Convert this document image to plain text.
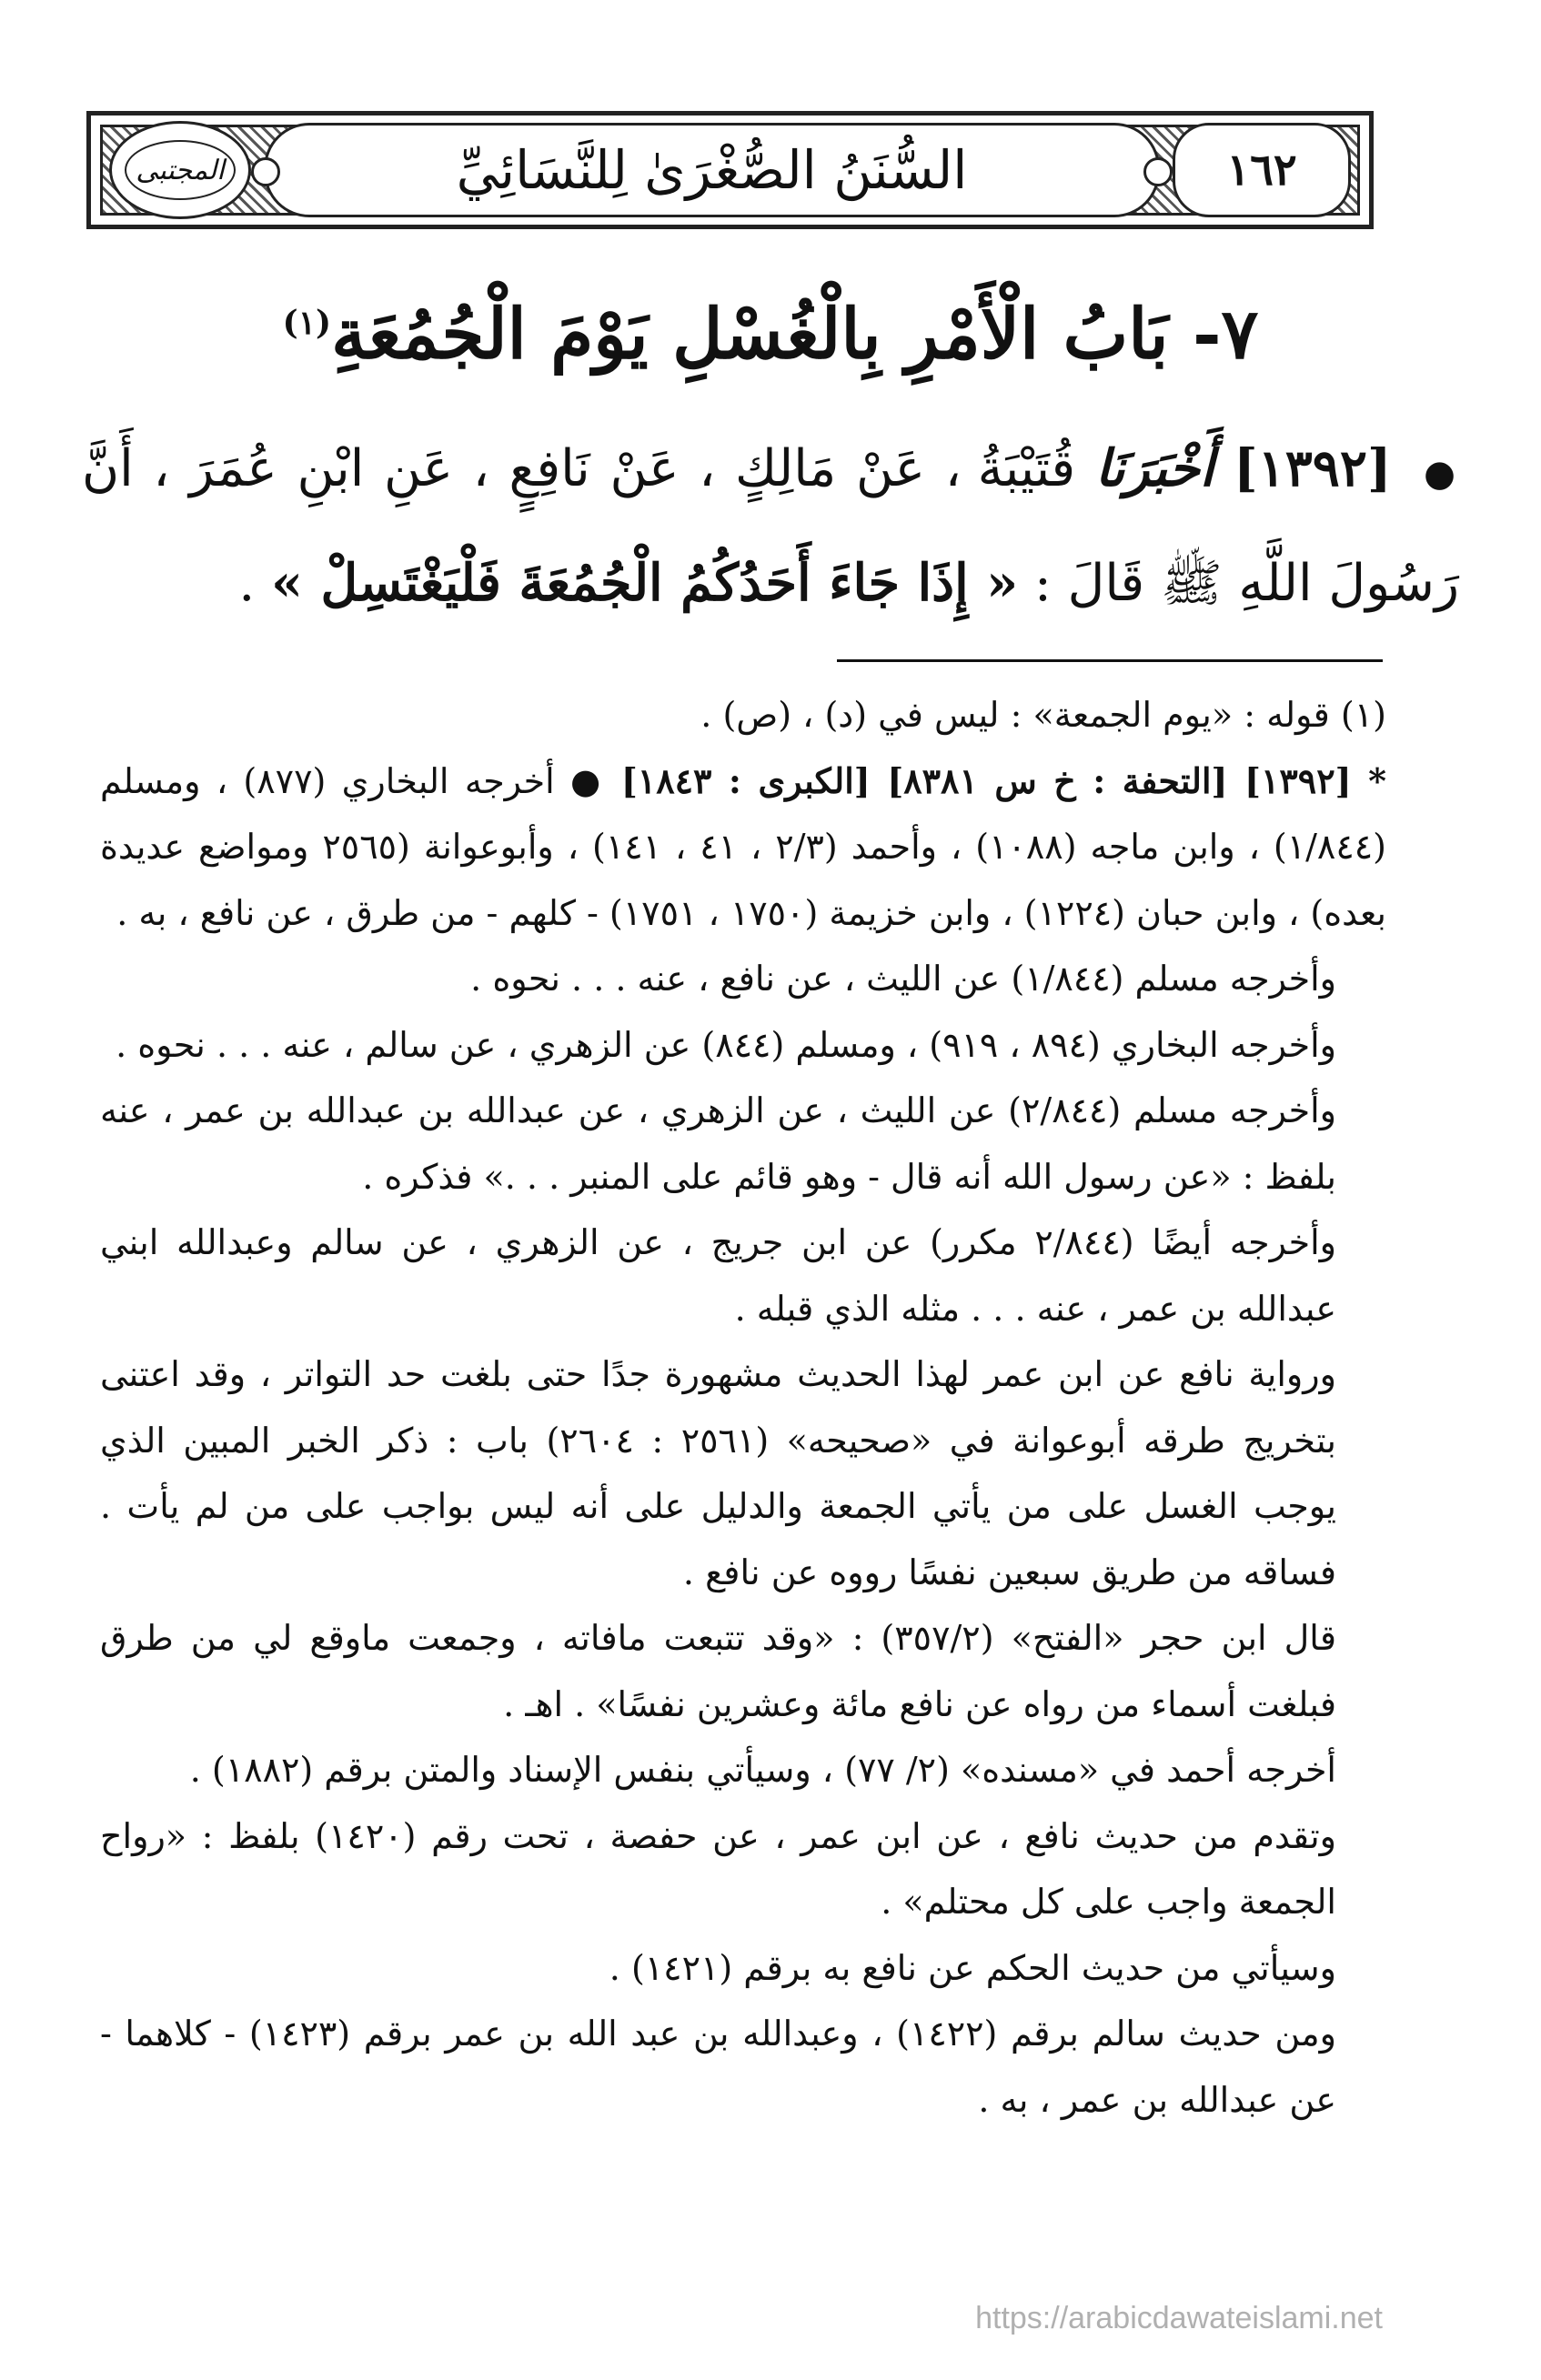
١٦٢
السُّنَنُ الصُّغْرَىٰ لِلنَّسَائِيِّ
المجتبى
٧- بَابُ الْأَمْرِ بِالْغُسْلِ يَوْمَ الْجُمُعَةِ$^{(١)}$
● [١٣٩٢] أَخْبَرَنَا قُتَيْبَةُ ، عَنْ مَالِكٍ ، عَنْ نَافِعٍ ، عَنِ ابْنِ عُمَرَ ، أَنَّ رَسُولَ اللَّهِ ﷺ قَالَ : « إِذَا جَاءَ أَحَدُكُمُ الْجُمُعَةَ فَلْيَغْتَسِلْ » .

(١) قوله : «يوم الجمعة» : ليس في (د) ، (ص) .

* [١٣٩٢] [التحفة : خ س ٨٣٨١] [الكبرى : ١٨٤٣] ● أخرجه البخاري (٨٧٧) ، ومسلم (١/٨٤٤) ، وابن ماجه (١٠٨٨) ، وأحمد (٢/٣ ، ٤١ ، ١٤١) ، وأبوعوانة (٢٥٦٥ ومواضع عديدة بعده) ، وابن حبان (١٢٢٤) ، وابن خزيمة (١٧٥٠ ، ١٧٥١) - كلهم - من طرق ، عن نافع ، به .

وأخرجه مسلم (١/٨٤٤) عن الليث ، عن نافع ، عنه . . . نحوه .

وأخرجه البخاري (٨٩٤ ، ٩١٩) ، ومسلم (٨٤٤) عن الزهري ، عن سالم ، عنه . . . نحوه .

وأخرجه مسلم (٢/٨٤٤) عن الليث ، عن الزهري ، عن عبدالله بن عبدالله بن عمر ، عنه بلفظ : «عن رسول الله أنه قال - وهو قائم على المنبر . . .» فذكره .

وأخرجه أيضًا (٢/٨٤٤ مكرر) عن ابن جريج ، عن الزهري ، عن سالم وعبدالله ابني عبدالله بن عمر ، عنه . . . مثله الذي قبله .

ورواية نافع عن ابن عمر لهذا الحديث مشهورة جدًا حتى بلغت حد التواتر ، وقد اعتنى بتخريج طرقه أبوعوانة في «صحيحه» (٢٥٦١ : ٢٦٠٤) باب : ذكر الخبر المبين الذي يوجب الغسل على من يأتي الجمعة والدليل على أنه ليس بواجب على من لم يأت . فساقه من طريق سبعين نفسًا رووه عن نافع .

قال ابن حجر «الفتح» (٣٥٧/٢) : «وقد تتبعت مافاته ، وجمعت ماوقع لي من طرق فبلغت أسماء من رواه عن نافع مائة وعشرين نفسًا» . اهـ .

أخرجه أحمد في «مسنده» (٢/ ٧٧) ، وسيأتي بنفس الإسناد والمتن برقم (١٨٨٢) .

وتقدم من حديث نافع ، عن ابن عمر ، عن حفصة ، تحت رقم (١٤٢٠) بلفظ : «رواح الجمعة واجب على كل محتلم» .

وسيأتي من حديث الحكم عن نافع به برقم (١٤٢١) .

ومن حديث سالم برقم (١٤٢٢) ، وعبدالله بن عبد الله بن عمر برقم (١٤٢٣) - كلاهما - عن عبدالله بن عمر ، به .

https://arabicdawateislami.net
